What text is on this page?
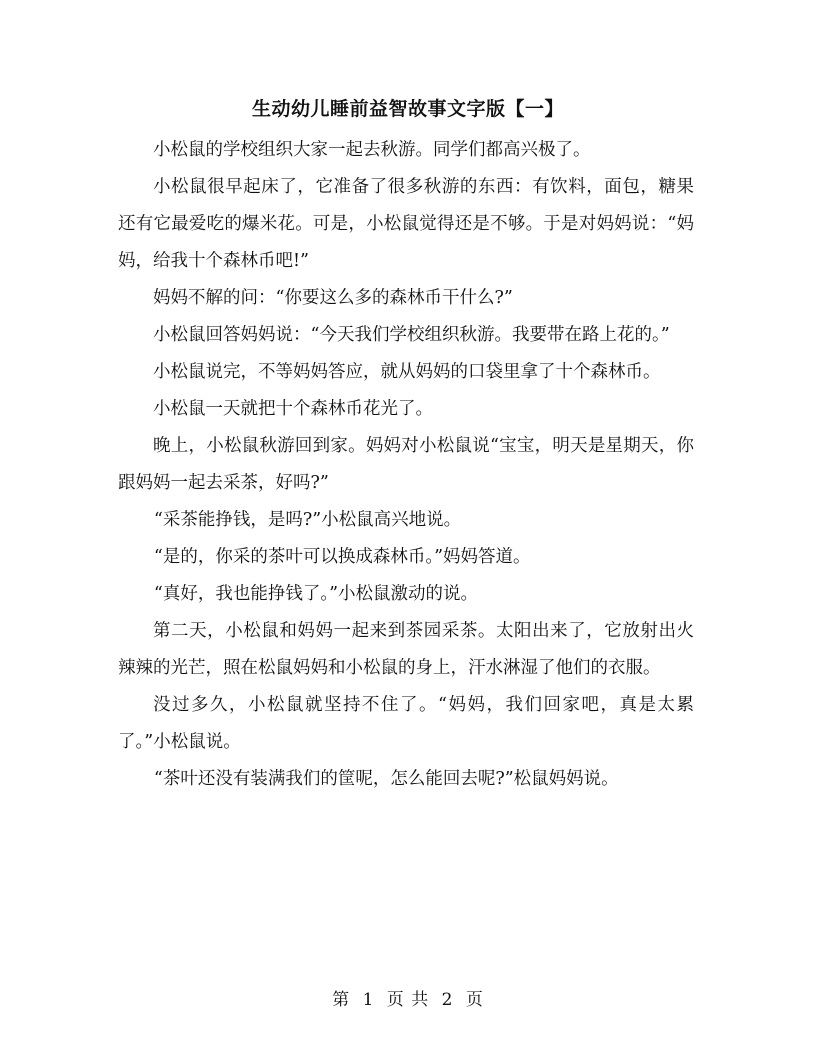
生动幼儿睡前益智故事文字版【一】

小松鼠的学校组织大家一起去秋游。同学们都高兴极了。

小松鼠很早起床了，它准备了很多秋游的东西：有饮料，面包，糖果还有它最爱吃的爆米花。可是，小松鼠觉得还是不够。于是对妈妈说：“妈妈，给我十个森林币吧!”

妈妈不解的问：“你要这么多的森林币干什么?”

小松鼠回答妈妈说：“今天我们学校组织秋游。我要带在路上花的。”

小松鼠说完，不等妈妈答应，就从妈妈的口袋里拿了十个森林币。

小松鼠一天就把十个森林币花光了。

晚上，小松鼠秋游回到家。妈妈对小松鼠说“宝宝，明天是星期天，你跟妈妈一起去采茶，好吗?”

“采茶能挣钱，是吗?”小松鼠高兴地说。

“是的，你采的茶叶可以换成森林币。”妈妈答道。

“真好，我也能挣钱了。”小松鼠激动的说。

第二天，小松鼠和妈妈一起来到茶园采茶。太阳出来了，它放射出火辣辣的光芒，照在松鼠妈妈和小松鼠的身上，汗水淋湿了他们的衣服。

没过多久，小松鼠就坚持不住了。“妈妈，我们回家吧，真是太累了。”小松鼠说。

“茶叶还没有装满我们的筐呢，怎么能回去呢?”松鼠妈妈说。

第 1 页 共 2 页
